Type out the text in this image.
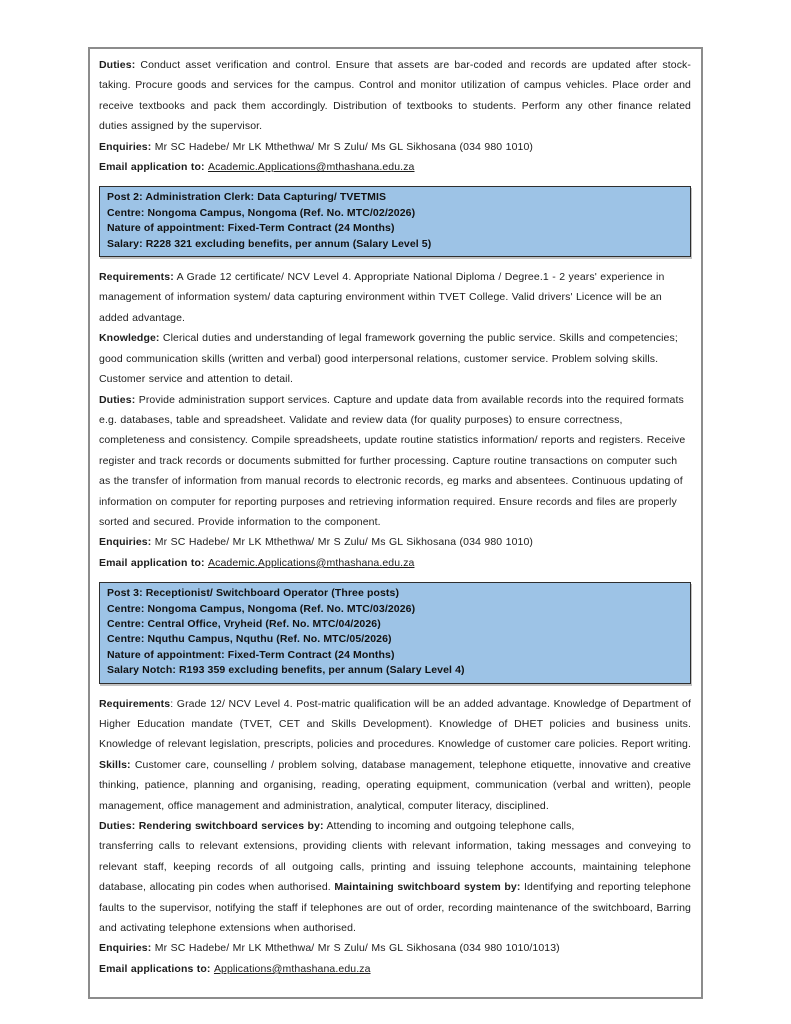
Duties: Conduct asset verification and control. Ensure that assets are bar-coded and records are updated after stock-taking. Procure goods and services for the campus. Control and monitor utilization of campus vehicles. Place order and receive textbooks and pack them accordingly. Distribution of textbooks to students. Perform any other finance related duties assigned by the supervisor.

Enquiries: Mr SC Hadebe/ Mr LK Mthethwa/ Mr S Zulu/ Ms GL Sikhosana (034 980 1010)

Email application to: Academic.Applications@mthashana.edu.za

Post 2: Administration Clerk: Data Capturing/ TVETMIS
Centre: Nongoma Campus, Nongoma (Ref. No. MTC/02/2026)
Nature of appointment: Fixed-Term Contract (24 Months)
Salary: R228 321 excluding benefits, per annum (Salary Level 5)

Requirements: A Grade 12 certificate/ NCV Level 4. Appropriate National Diploma / Degree.1 - 2 years' experience in management of information system/ data capturing environment within TVET College. Valid drivers' Licence will be an added advantage.

Knowledge: Clerical duties and understanding of legal framework governing the public service. Skills and competencies; good communication skills (written and verbal) good interpersonal relations, customer service. Problem solving skills. Customer service and attention to detail.

Duties: Provide administration support services. Capture and update data from available records into the required formats e.g. databases, table and spreadsheet. Validate and review data (for quality purposes) to ensure correctness, completeness and consistency. Compile spreadsheets, update routine statistics information/ reports and registers. Receive register and track records or documents submitted for further processing. Capture routine transactions on computer such as the transfer of information from manual records to electronic records, eg marks and absentees. Continuous updating of information on computer for reporting purposes and retrieving information required. Ensure records and files are properly sorted and secured. Provide information to the component.

Enquiries: Mr SC Hadebe/ Mr LK Mthethwa/ Mr S Zulu/ Ms GL Sikhosana (034 980 1010)

Email application to: Academic.Applications@mthashana.edu.za

Post 3: Receptionist/ Switchboard Operator (Three posts)
Centre: Nongoma Campus, Nongoma (Ref. No. MTC/03/2026)
Centre: Central Office, Vryheid (Ref. No. MTC/04/2026)
Centre: Nquthu Campus, Nquthu (Ref. No. MTC/05/2026)
Nature of appointment: Fixed-Term Contract (24 Months)
Salary Notch: R193 359 excluding benefits, per annum (Salary Level 4)

Requirements: Grade 12/ NCV Level 4. Post-matric qualification will be an added advantage. Knowledge of Department of Higher Education mandate (TVET, CET and Skills Development). Knowledge of DHET policies and business units. Knowledge of relevant legislation, prescripts, policies and procedures. Knowledge of customer care policies. Report writing. Skills: Customer care, counselling / problem solving, database management, telephone etiquette, innovative and creative thinking, patience, planning and organising, reading, operating equipment, communication (verbal and written), people management, office management and administration, analytical, computer literacy, disciplined.

Duties: Rendering switchboard services by: Attending to incoming and outgoing telephone calls,
transferring calls to relevant extensions, providing clients with relevant information, taking messages and conveying to relevant staff, keeping records of all outgoing calls, printing and issuing telephone accounts, maintaining telephone database, allocating pin codes when authorised. Maintaining switchboard system by: Identifying and reporting telephone faults to the supervisor, notifying the staff if telephones are out of order, recording maintenance of the switchboard, Barring and activating telephone extensions when authorised.

Enquiries: Mr SC Hadebe/ Mr LK Mthethwa/ Mr S Zulu/ Ms GL Sikhosana (034 980 1010/1013)

Email applications to: Applications@mthashana.edu.za
